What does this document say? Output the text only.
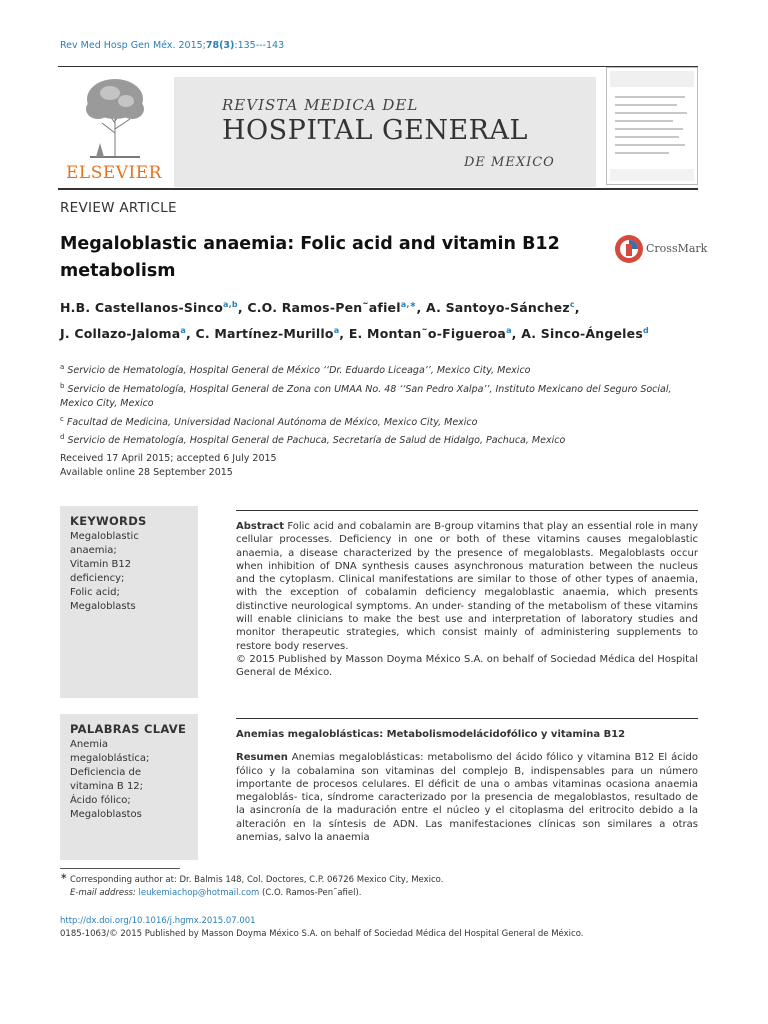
Rev Med Hosp Gen Méx. 2015;78(3):135---143
ELSEVIER
REVISTA MEDICA DEL
HOSPITAL GENERAL
DE MEXICO
REVIEW ARTICLE
Megaloblastic anaemia: Folic acid and vitamin B12 metabolism
CrossMark
H.B. Castellanos-Sinco$^{a,b}$, C.O. Ramos-Pen˜afiel$^{a,∗}$, A. Santoyo-Sánchez$^c$,
J. Collazo-Jaloma$^a$, C. Martínez-Murillo$^a$, E. Montan˜o-Figueroa$^a$, A. Sinco-Ángeles$^d$
$^a$ Servicio de Hematología, Hospital General de México ‘‘Dr. Eduardo Liceaga’’, Mexico City, Mexico
$^b$ Servicio de Hematología, Hospital General de Zona con UMAA No. 48 ‘‘San Pedro Xalpa’’, Instituto Mexicano del Seguro Social, Mexico City, Mexico
$^c$ Facultad de Medicina, Universidad Nacional Autónoma de México, Mexico City, Mexico
$^d$ Servicio de Hematología, Hospital General de Pachuca, Secretaría de Salud de Hidalgo, Pachuca, Mexico
Received 17 April 2015; accepted 6 July 2015
Available online 28 September 2015
KEYWORDS
Megaloblastic
anaemia;
Vitamin B12
deficiency;
Folic acid;
Megaloblasts

Abstract Folic acid and cobalamin are B-group vitamins that play an essential role in many cellular processes. Deficiency in one or both of these vitamins causes megaloblastic anaemia, a disease characterized by the presence of megaloblasts. Megaloblasts occur when inhibition of DNA synthesis causes asynchronous maturation between the nucleus and the cytoplasm. Clinical manifestations are similar to those of other types of anaemia, with the exception of cobalamin deficiency megaloblastic anaemia, which presents distinctive neurological symptoms. An under- standing of the metabolism of these vitamins will enable clinicians to make the best use and interpretation of laboratory studies and monitor therapeutic strategies, which consist mainly of administering supplements to restore body reserves.

© 2015 Published by Masson Doyma México S.A. on behalf of Sociedad Médica del Hospital General de México.

PALABRAS CLAVE
Anemia
megaloblástica;
Deficiencia de
vitamina B 12;
Ácido fólico;
Megaloblastos
Anemias megaloblásticas: Metabolismodelácidofólico y vitamina B12

Resumen Anemias megaloblásticas: metabolismo del ácido fólico y vitamina B12 El ácido fólico y la cobalamina son vitaminas del complejo B, indispensables para un número importante de procesos celulares. El déficit de una o ambas vitaminas ocasiona anaemia megaloblás- tica, síndrome caracterizado por la presencia de megaloblastos, resultado de la asincronía de la maduración entre el núcleo y el citoplasma del eritrocito debido a la alteración en la síntesis de ADN. Las manifestaciones clínicas son similares a otras anemias, salvo la anaemia

∗ Corresponding author at: Dr. Balmis 148, Col. Doctores, C.P. 06726 Mexico City, Mexico.
E-mail address: leukemiachop@hotmail.com (C.O. Ramos-Pen˜afiel).
http://dx.doi.org/10.1016/j.hgmx.2015.07.001
0185-1063/© 2015 Published by Masson Doyma México S.A. on behalf of Sociedad Médica del Hospital General de México.
